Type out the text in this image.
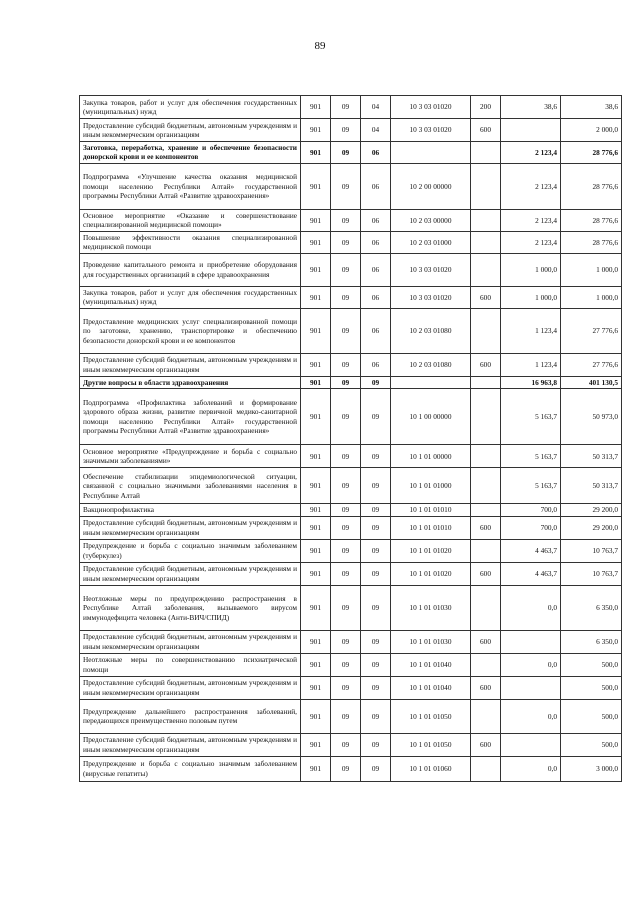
89
Закупка товаров, работ и услуг для обеспечения государственных (муниципальных) нужд	901	09	04	10 3 03 01020	200	38,6	38,6
Предоставление субсидий бюджетным, автономным учреждениям и иным некоммерческим организациям	901	09	04	10 3 03 01020	600		2 000,0
Заготовка, переработка, хранение и обеспечение безопасности донорской крови и ее компонентов	901	09	06			2 123,4	28 776,6
Подпрограмма «Улучшение качества оказания медицинской помощи населению Республики Алтай» государственной программы Республики Алтай «Развитие здравоохранения»	901	09	06	10 2 00 00000		2 123,4	28 776,6
Основное мероприятие «Оказание и совершенствование специализированной медицинской помощи»	901	09	06	10 2 03 00000		2 123,4	28 776,6
Повышение эффективности оказания специализированной медицинской помощи	901	09	06	10 2 03 01000		2 123,4	28 776,6
Проведение капитального ремонта и приобретение оборудования для государственных организаций в сфере здравоохранения	901	09	06	10 3 03 01020		1 000,0	1 000,0
Закупка товаров, работ и услуг для обеспечения государственных (муниципальных) нужд	901	09	06	10 3 03 01020	600	1 000,0	1 000,0
Предоставление медицинских услуг специализированной помощи по заготовке, хранению, транспортировке и обеспечению безопасности донорской крови и ее компонентов	901	09	06	10 2 03 01080		1 123,4	27 776,6
Предоставление субсидий бюджетным, автономным учреждениям и иным некоммерческим организациям	901	09	06	10 2 03 01080	600	1 123,4	27 776,6
Другие вопросы в области здравоохранения	901	09	09			16 963,8	401 130,5
Подпрограмма «Профилактика заболеваний и формирование здорового образа жизни, развитие первичной медико-санитарной помощи населению Республики Алтай» государственной программы Республики Алтай «Развитие здравоохранения»	901	09	09	10 1 00 00000		5 163,7	50 973,0
Основное мероприятие «Предупреждение и борьба с социально значимыми заболеваниями»	901	09	09	10 1 01 00000		5 163,7	50 313,7
Обеспечение стабилизации эпидемиологической ситуации, связанной с социально значимыми заболеваниями населения в Республике Алтай	901	09	09	10 1 01 01000		5 163,7	50 313,7
Вакцинопрофилактика	901	09	09	10 1 01 01010		700,0	29 200,0
Предоставление субсидий бюджетным, автономным учреждениям и иным некоммерческим организациям	901	09	09	10 1 01 01010	600	700,0	29 200,0
Предупреждение и борьба с социально значимым заболеванием (туберкулез)	901	09	09	10 1 01 01020		4 463,7	10 763,7
Предоставление субсидий бюджетным, автономным учреждениям и иным некоммерческим организациям	901	09	09	10 1 01 01020	600	4 463,7	10 763,7
Неотложные меры по предупреждению распространения в Республике Алтай заболевания, вызываемого вирусом иммунодефицита человека (Анти-ВИЧ/СПИД)	901	09	09	10 1 01 01030		0,0	6 350,0
Предоставление субсидий бюджетным, автономным учреждениям и иным некоммерческим организациям	901	09	09	10 1 01 01030	600		6 350,0
Неотложные меры по совершенствованию психиатрической помощи	901	09	09	10 1 01 01040		0,0	500,0
Предоставление субсидий бюджетным, автономным учреждениям и иным некоммерческим организациям	901	09	09	10 1 01 01040	600		500,0
Предупреждение дальнейшего распространения заболеваний, передающихся преимущественно половым путем	901	09	09	10 1 01 01050		0,0	500,0
Предоставление субсидий бюджетным, автономным учреждениям и иным некоммерческим организациям	901	09	09	10 1 01 01050	600		500,0
Предупреждение и борьба с социально значимым заболеванием (вирусные гепатиты)	901	09	09	10 1 01 01060		0,0	3 000,0
